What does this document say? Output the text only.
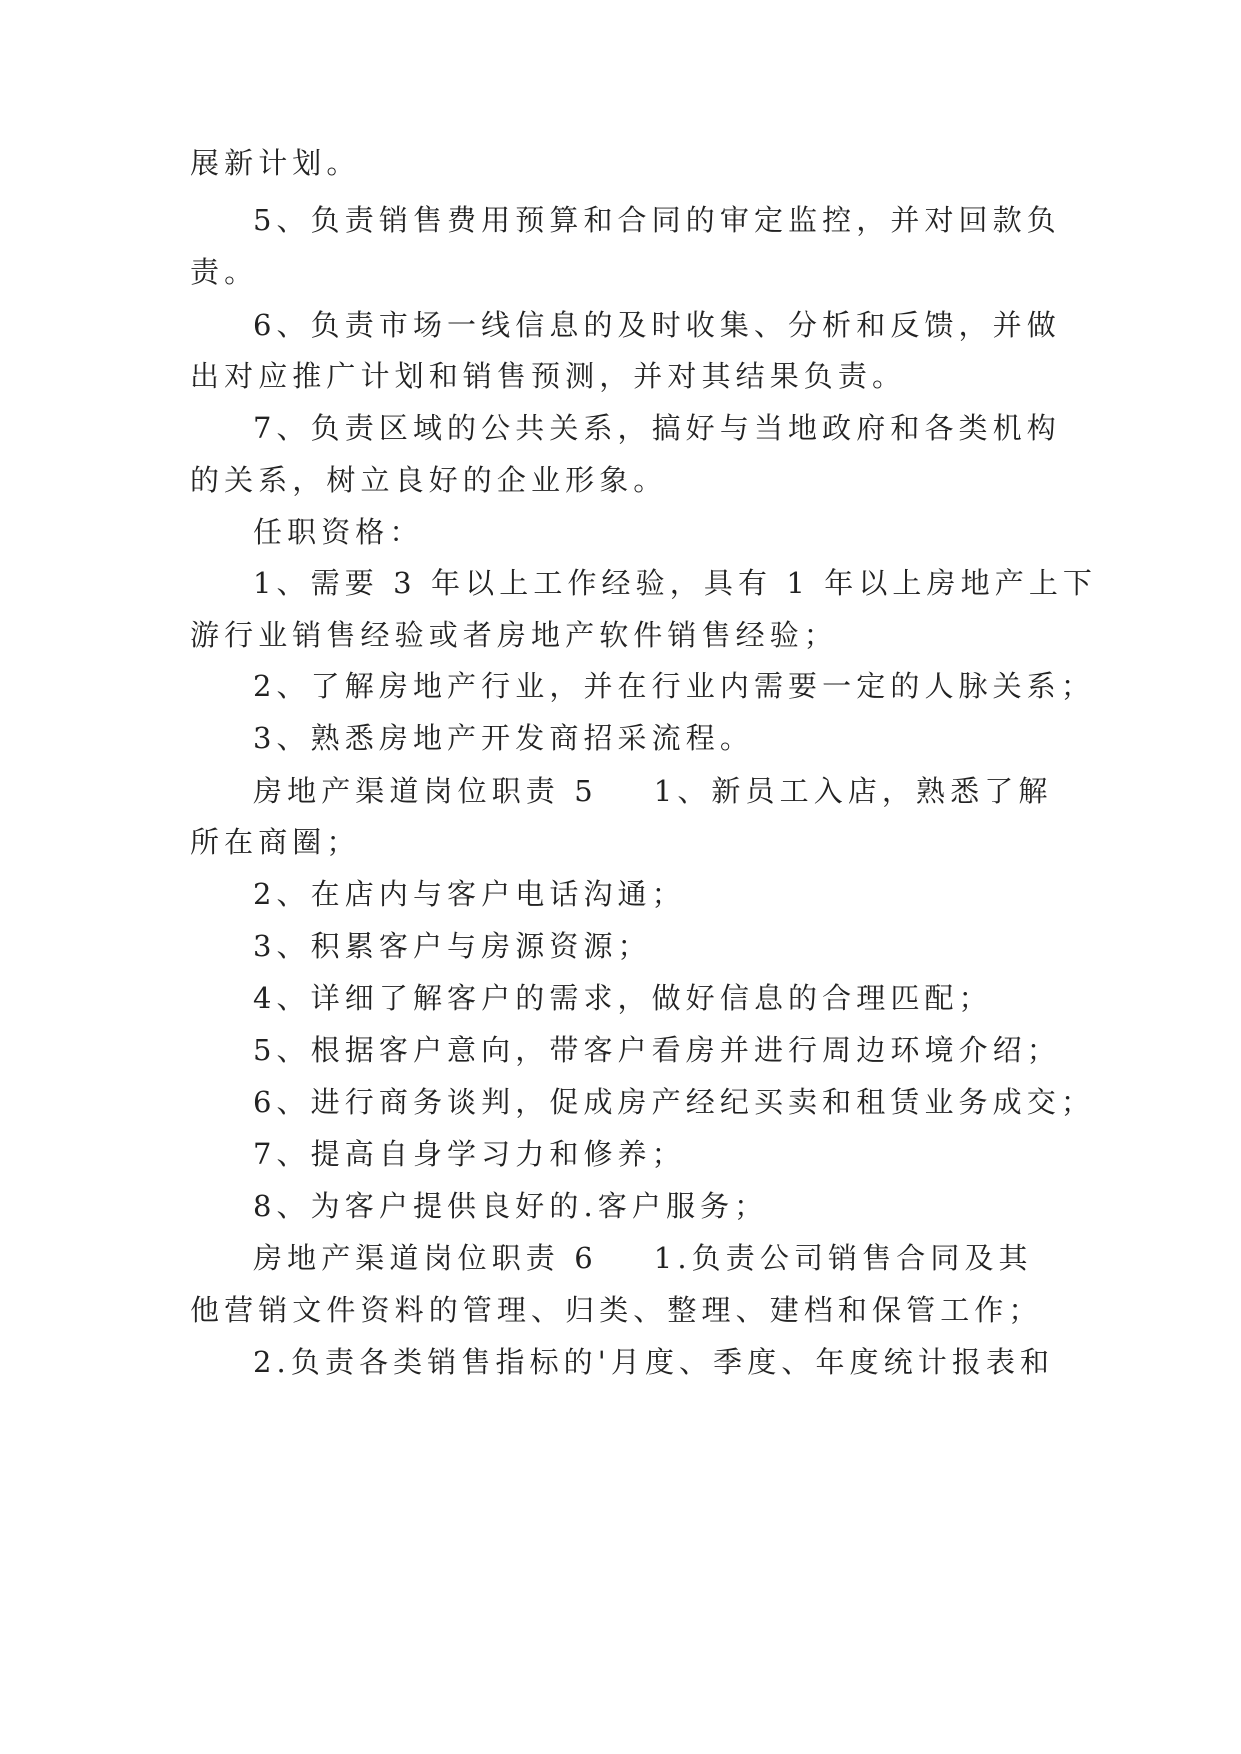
展新计划。
5、负责销售费用预算和合同的审定监控，并对回款负
责。
6、负责市场一线信息的及时收集、分析和反馈，并做
出对应推广计划和销售预测，并对其结果负责。
7、负责区域的公共关系，搞好与当地政府和各类机构
的关系，树立良好的企业形象。
任职资格：
1、需要 3 年以上工作经验，具有 1 年以上房地产上下
游行业销售经验或者房地产软件销售经验；
2、了解房地产行业，并在行业内需要一定的人脉关系；
3、熟悉房地产开发商招采流程。
房地产渠道岗位职责 5 1、新员工入店，熟悉了解
所在商圈；
2、在店内与客户电话沟通；
3、积累客户与房源资源；
4、详细了解客户的需求，做好信息的合理匹配；
5、根据客户意向，带客户看房并进行周边环境介绍；
6、进行商务谈判，促成房产经纪买卖和租赁业务成交；
7、提高自身学习力和修养；
8、为客户提供良好的.客户服务；
房地产渠道岗位职责 6 1.负责公司销售合同及其
他营销文件资料的管理、归类、整理、建档和保管工作；
2.负责各类销售指标的'月度、季度、年度统计报表和
